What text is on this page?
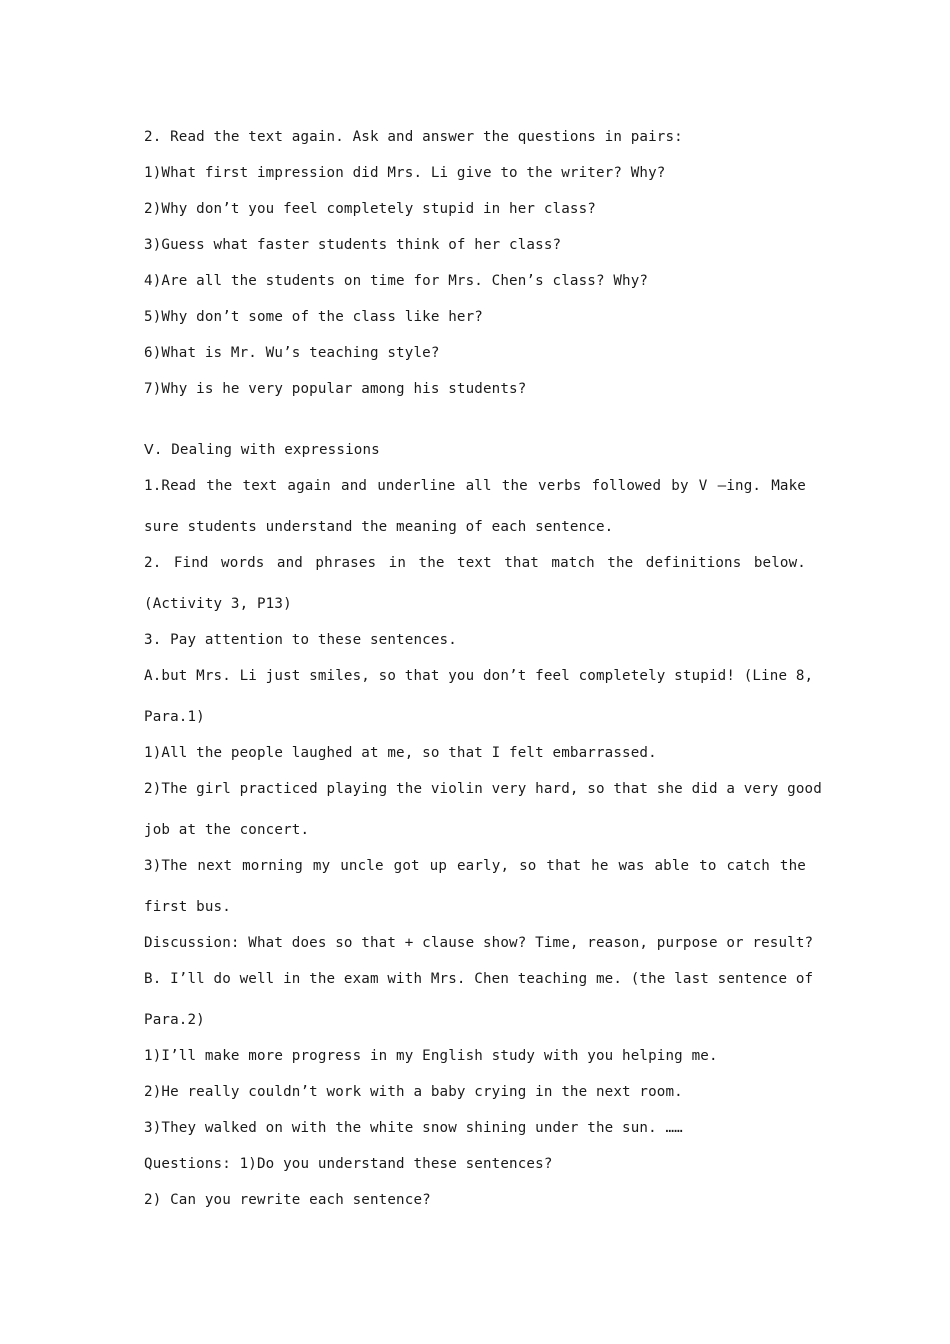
2. Read the text again. Ask and answer the questions in pairs:
1)What first impression did Mrs. Li give to the writer? Why?
2)Why don’t you feel completely stupid in her class?
3)Guess what faster students think of her class?
4)Are all the students on time for Mrs. Chen’s class? Why?
5)Why don’t some of the class like her?
6)What is Mr. Wu’s teaching style?
7)Why is he very popular among his students?
Ⅴ. Dealing with expressions
1.Read the text again and underline all the verbs followed by V –ing. Make
sure students understand the meaning of each sentence.
2. Find words and phrases in the text that match the definitions below.
(Activity 3, P13)
3. Pay attention to these sentences.
A.but Mrs. Li just smiles, so that you don’t feel completely stupid! (Line 8,
Para.1)
1)All the people laughed at me, so that I felt embarrassed.
2)The girl practiced playing the violin very hard, so that she did a very good
job at the concert.
3)The next morning my uncle got up early, so that he was able to catch the
first bus.
Discussion: What does so that + clause show? Time, reason, purpose or result?
B. I’ll do well in the exam with Mrs. Chen teaching me. (the last sentence of
Para.2)
1)I’ll make more progress in my English study with you helping me.
2)He really couldn’t work with a baby crying in the next room.
3)They walked on with the white snow shining under the sun. ……
Questions: 1)Do you understand these sentences?
2) Can you rewrite each sentence?
